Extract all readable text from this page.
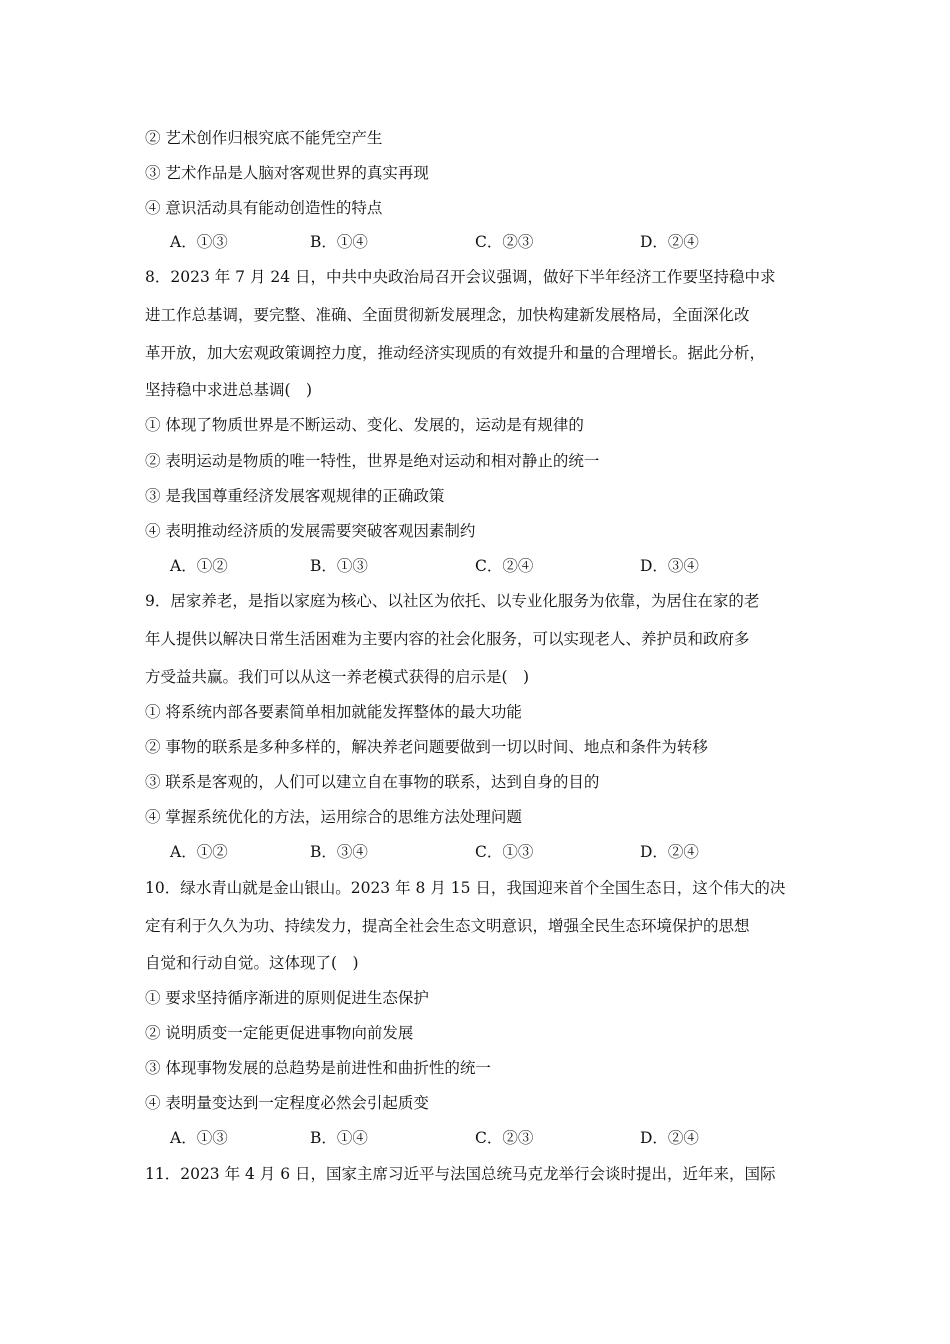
② 艺术创作归根究底不能凭空产生
③ 艺术作品是人脑对客观世界的真实再现
④ 意识活动具有能动创造性的特点
A．①③	B．①④	C．②③	D．②④
8．2023 年 7 月 24 日，中共中央政治局召开会议强调，做好下半年经济工作要坚持稳中求
进工作总基调，要完整、准确、全面贯彻新发展理念，加快构建新发展格局，全面深化改
革开放，加大宏观政策调控力度，推动经济实现质的有效提升和量的合理增长。据此分析，
坚持稳中求进总基调(　)
① 体现了物质世界是不断运动、变化、发展的，运动是有规律的
② 表明运动是物质的唯一特性，世界是绝对运动和相对静止的统一
③ 是我国尊重经济发展客观规律的正确政策
④ 表明推动经济质的发展需要突破客观因素制约
A．①②	B．①③	C．②④	D．③④
9．居家养老，是指以家庭为核心、以社区为依托、以专业化服务为依靠，为居住在家的老
年人提供以解决日常生活困难为主要内容的社会化服务，可以实现老人、养护员和政府多
方受益共赢。我们可以从这一养老模式获得的启示是(　)
① 将系统内部各要素简单相加就能发挥整体的最大功能
② 事物的联系是多种多样的，解决养老问题要做到一切以时间、地点和条件为转移
③ 联系是客观的，人们可以建立自在事物的联系，达到自身的目的
④ 掌握系统优化的方法，运用综合的思维方法处理问题
A．①②	B．③④	C．①③	D．②④
10．绿水青山就是金山银山。2023 年 8 月 15 日，我国迎来首个全国生态日，这个伟大的决
定有利于久久为功、持续发力，提高全社会生态文明意识，增强全民生态环境保护的思想
自觉和行动自觉。这体现了(　)
① 要求坚持循序渐进的原则促进生态保护
② 说明质变一定能更促进事物向前发展
③ 体现事物发展的总趋势是前进性和曲折性的统一
④ 表明量变达到一定程度必然会引起质变
A．①③	B．①④	C．②③	D．②④
11．2023 年 4 月 6 日，国家主席习近平与法国总统马克龙举行会谈时提出，近年来，国际
